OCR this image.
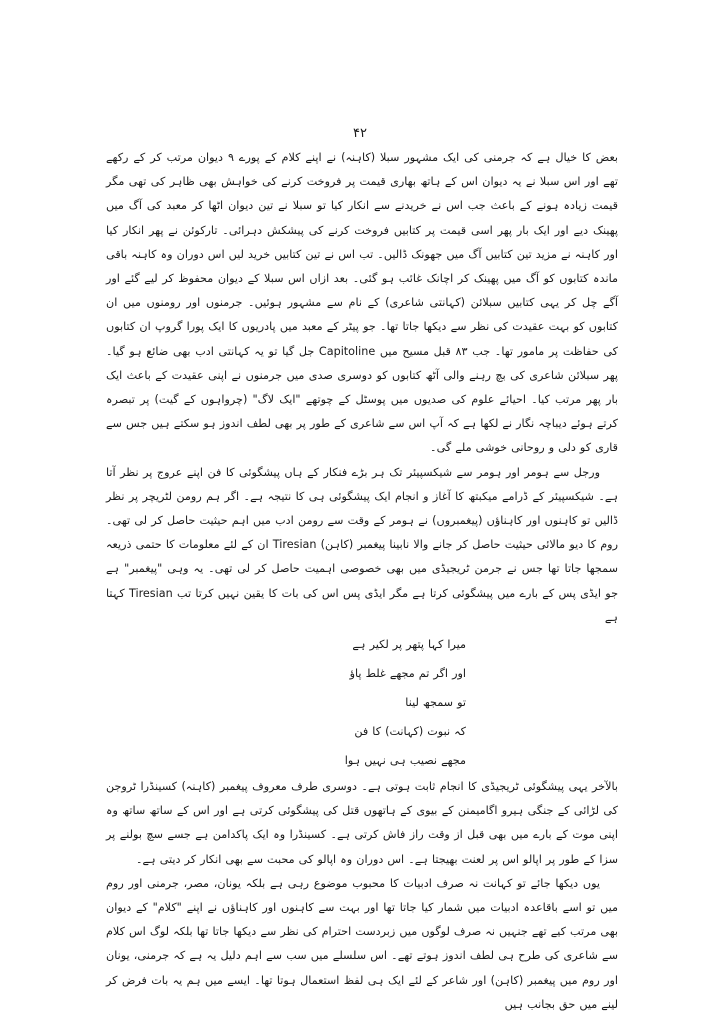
۴۲

بعض کا خیال ہے کہ جرمنی کی ایک مشہور سبلا (کاہنہ) نے اپنے کلام کے پورے ۹ دیوان مرتب کر کے رکھے تھے اور اس سبلا نے یہ دیوان اس کے ہاتھ بھاری قیمت پر فروخت کرنے کی خواہش بھی ظاہر کی تھی مگر قیمت زیادہ ہونے کے باعث جب اس نے خریدنے سے انکار کیا تو سبلا نے تین دیوان اٹھا کر معبد کی آگ میں پھینک دیے اور ایک بار پھر اسی قیمت پر کتابیں فروخت کرنے کی پیشکش دہرائی۔ تارکوئن نے پھر انکار کیا اور کاہنہ نے مزید تین کتابیں آگ میں جھونک ڈالیں۔ تب اس نے تین کتابیں خرید لیں اس دوران وہ کاہنہ باقی ماندہ کتابوں کو آگ میں پھینک کر اچانک غائب ہو گئی۔ بعد ازاں اس سبلا کے دیوان محفوظ کر لیے گئے اور آگے چل کر یہی کتابیں سبلائن (کہانتی شاعری) کے نام سے مشہور ہوئیں۔ جرمنوں اور رومنوں میں ان کتابوں کو بہت عقیدت کی نظر سے دیکھا جاتا تھا۔ جو پیٹر کے معبد میں پادریوں کا ایک پورا گروپ ان کتابوں کی حفاظت پر مامور تھا۔ جب ۸۳ قبل مسیح میں Capitoline جل گیا تو یہ کہانتی ادب بھی ضائع ہو گیا۔ پھر سبلائن شاعری کی بچ رہنے والی آٹھ کتابوں کو دوسری صدی میں جرمنوں نے اپنی عقیدت کے باعث ایک بار پھر مرتب کیا۔ احیائے علوم کی صدیوں میں پوسٹل کے چوتھے "ایک لاگ" (چرواہوں کے گیت) پر تبصرہ کرتے ہوئے دیباچہ نگار نے لکھا ہے کہ آپ اس سے شاعری کے طور پر بھی لطف اندوز ہو سکتے ہیں جس سے قاری کو دلی و روحانی خوشی ملے گی۔

ورجل سے ہومر اور ہومر سے شیکسپیئر تک ہر بڑے فنکار کے ہاں پیشگوئی کا فن اپنے عروج پر نظر آتا ہے۔ شیکسپیئر کے ڈرامے میکبتھ کا آغاز و انجام ایک پیشگوئی ہی کا نتیجہ ہے۔ اگر ہم رومن لٹریچر پر نظر ڈالیں تو کاہنوں اور کاہناؤں (پیغمبروں) نے ہومر کے وقت سے رومن ادب میں اہم حیثیت حاصل کر لی تھی۔ روم کا دیو مالائی حیثیت حاصل کر جانے والا نابینا پیغمبر (کاہن) Tiresian ان کے لئے معلومات کا حتمی ذریعہ سمجھا جاتا تھا جس نے جرمن ٹریجیڈی میں بھی خصوصی اہمیت حاصل کر لی تھی۔ یہ وہی "پیغمبر" ہے جو ایڈی پس کے بارے میں پیشگوئی کرتا ہے مگر ایڈی پس اس کی بات کا یقین نہیں کرتا تب Tiresian کہتا ہے

میرا کہا پتھر پر لکیر ہے
اور اگر تم مجھے غلط پاؤ
تو سمجھ لینا
کہ نبوت (کہانت) کا فن
مجھے نصیب ہی نہیں ہوا

بالآخر یہی پیشگوئی ٹریجیڈی کا انجام ثابت ہوتی ہے۔ دوسری طرف معروف پیغمبر (کاہنہ) کسینڈرا ٹروجن کی لڑائی کے جنگی ہیرو اگامیمنن کے بیوی کے ہاتھوں قتل کی پیشگوئی کرتی ہے اور اس کے ساتھ ساتھ وہ اپنی موت کے بارے میں بھی قبل از وقت راز فاش کرتی ہے۔ کسینڈرا وہ ایک پاکدامن ہے جسے سچ بولنے پر سزا کے طور پر اپالو اس پر لعنت بھیجتا ہے۔ اس دوران وہ اپالو کی محبت سے بھی انکار کر دیتی ہے۔

یوں دیکھا جائے تو کہانت نہ صرف ادبیات کا محبوب موضوع رہی ہے بلکہ یونان، مصر، جرمنی اور روم میں تو اسے باقاعدہ ادبیات میں شمار کیا جاتا تھا اور بہت سے کاہنوں اور کاہناؤں نے اپنے "کلام" کے دیوان بھی مرتب کیے تھے جنہیں نہ صرف لوگوں میں زبردست احترام کی نظر سے دیکھا جاتا تھا بلکہ لوگ اس کلام سے شاعری کی طرح ہی لطف اندوز ہوتے تھے۔ اس سلسلے میں سب سے اہم دلیل یہ ہے کہ جرمنی، یونان اور روم میں پیغمبر (کاہن) اور شاعر کے لئے ایک ہی لفظ استعمال ہوتا تھا۔ ایسے میں ہم یہ بات فرض کر لینے میں حق بجانب ہیں
